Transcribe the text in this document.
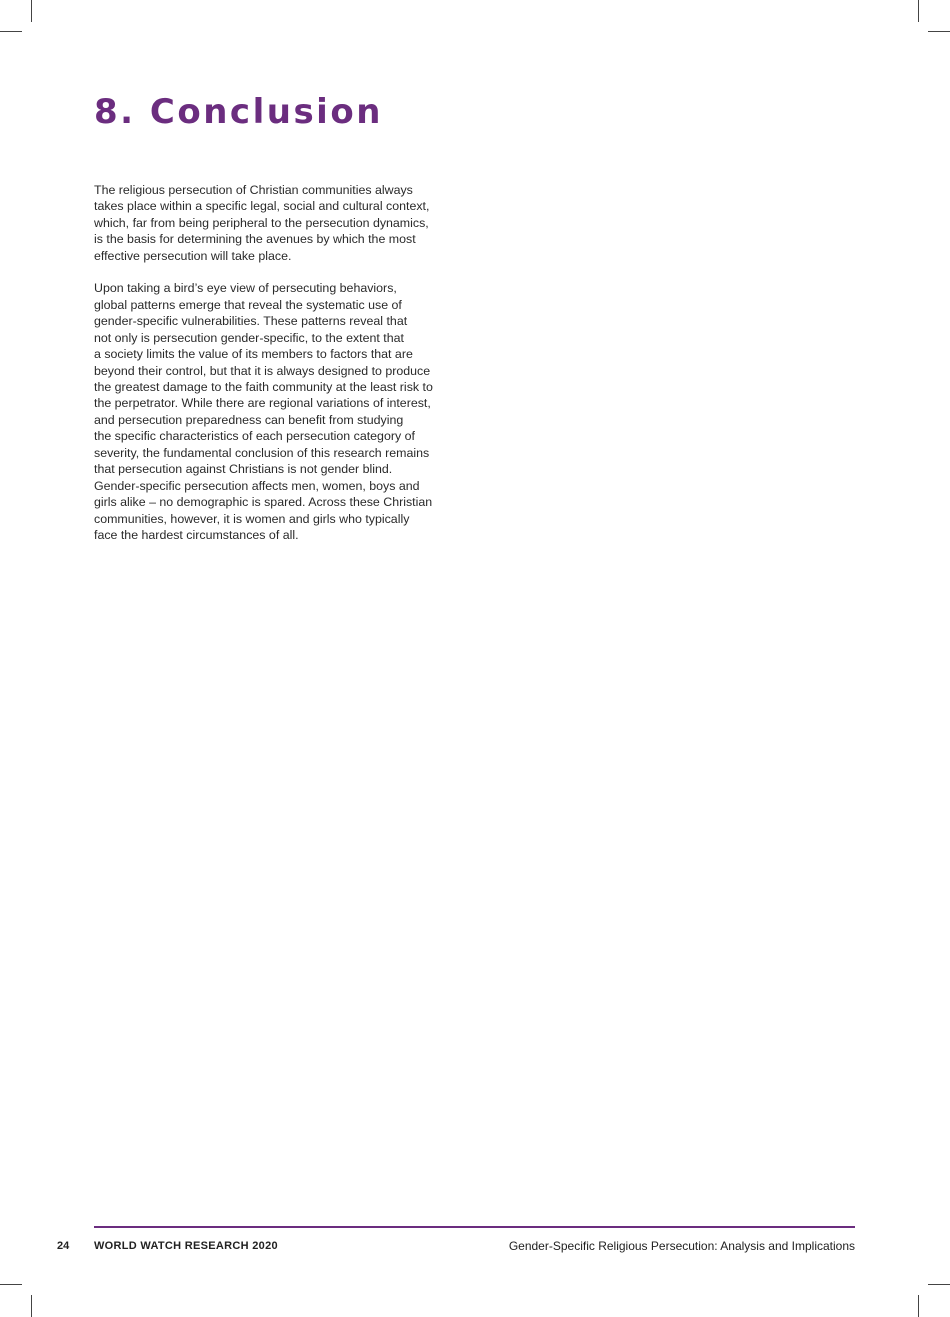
8. Conclusion

The religious persecution of Christian communities always
takes place within a specific legal, social and cultural context,
which, far from being peripheral to the persecution dynamics,
is the basis for determining the avenues by which the most
effective persecution will take place.

Upon taking a bird’s eye view of persecuting behaviors,
global patterns emerge that reveal the systematic use of
gender-specific vulnerabilities. These patterns reveal that
not only is persecution gender-specific, to the extent that
a society limits the value of its members to factors that are
beyond their control, but that it is always designed to produce
the greatest damage to the faith community at the least risk to
the perpetrator. While there are regional variations of interest,
and persecution preparedness can benefit from studying
the specific characteristics of each persecution category of
severity, the fundamental conclusion of this research remains
that persecution against Christians is not gender blind.
Gender-specific persecution affects men, women, boys and
girls alike – no demographic is spared. Across these Christian
communities, however, it is women and girls who typically
face the hardest circumstances of all.

24 WORLD WATCH RESEARCH 2020	Gender-Specific Religious Persecution: Analysis and Implications
